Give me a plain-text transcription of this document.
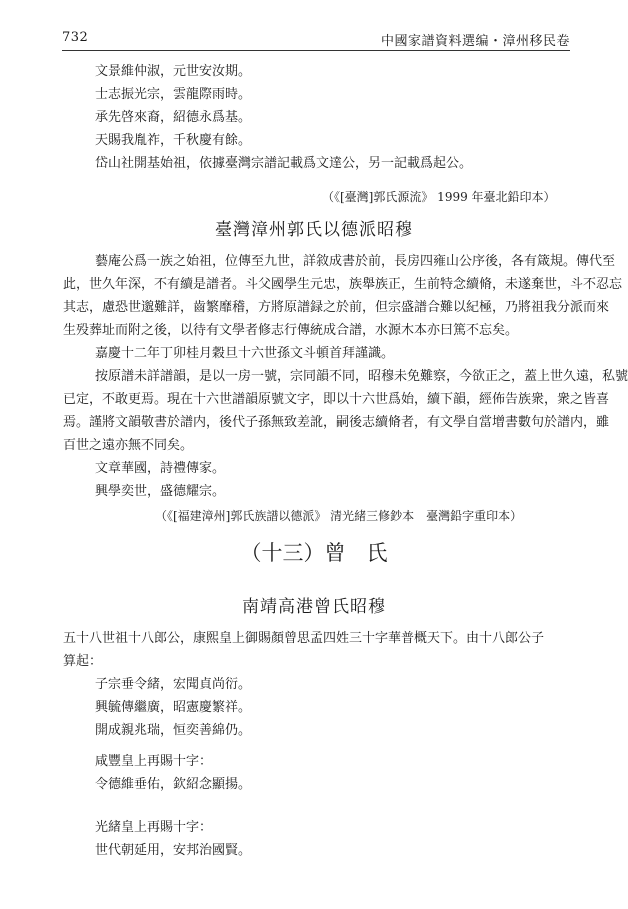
732	中國家譜資料選编・漳州移民卷
文景維仲淑，元世安汝期。
士志振光宗，雲龍際雨時。
承先啓來裔，紹德永爲基。
天賜我胤祚，千秋慶有餘。
岱山社開基始祖，依據臺灣宗譜記載爲文達公，另一記載爲起公。
（《[臺灣]郭氏源流》 1999 年臺北鉛印本）
臺灣漳州郭氏以德派昭穆
藝庵公爲一族之始祖，位傳至九世，詳敘成書於前，長房四雍山公序後，各有箴規。傳代至
此，世久年深，不有續是譜者。斗父國學生元忠，族舉族正，生前特念續脩，未遂棄世，斗不忍忘
其志，慮恐世邈難詳，齒繁靡稽，方將原譜録之於前，但宗盛譜合難以紀極，乃將祖我分派而來
生殁葬址而附之後，以待有文學者修志行傳統成合譜，水源木本亦曰篤不忘矣。
嘉慶十二年丁卯桂月穀旦十六世孫文斗頓首拜謹識。
按原譜未詳譜韻，是以一房一號，宗同韻不同，昭穆未免難察，今欲正之，蓋上世久遠，私號
已定，不敢更焉。現在十六世譜韻原號文字，即以十六世爲始，續下韻，經佈告族衆，衆之皆喜
焉。謹將文韻敬書於譜内，後代子孫無致差訛，嗣後志續脩者，有文學自當增書數句於譜内，雖
百世之遠亦無不同矣。
文章華國，詩禮傳家。
興學奕世，盛德耀宗。
（《[福建漳州]郭氏族譜以德派》 清光緒三修鈔本　臺灣鉛字重印本）
（十三）曾　氏
南靖高港曾氏昭穆
五十八世祖十八郎公，康熙皇上御賜顏曾思孟四姓三十字華普概天下。由十八郎公子
算起：
子宗垂令緒，宏聞貞尚衍。
興毓傳繼廣，昭憲慶繁祥。
開成親兆瑞，恒奕善綿仍。
咸豐皇上再賜十字：
令德維垂佑，欽紹念顯揚。
光緒皇上再賜十字：
世代朝延用，安邦治國賢。
